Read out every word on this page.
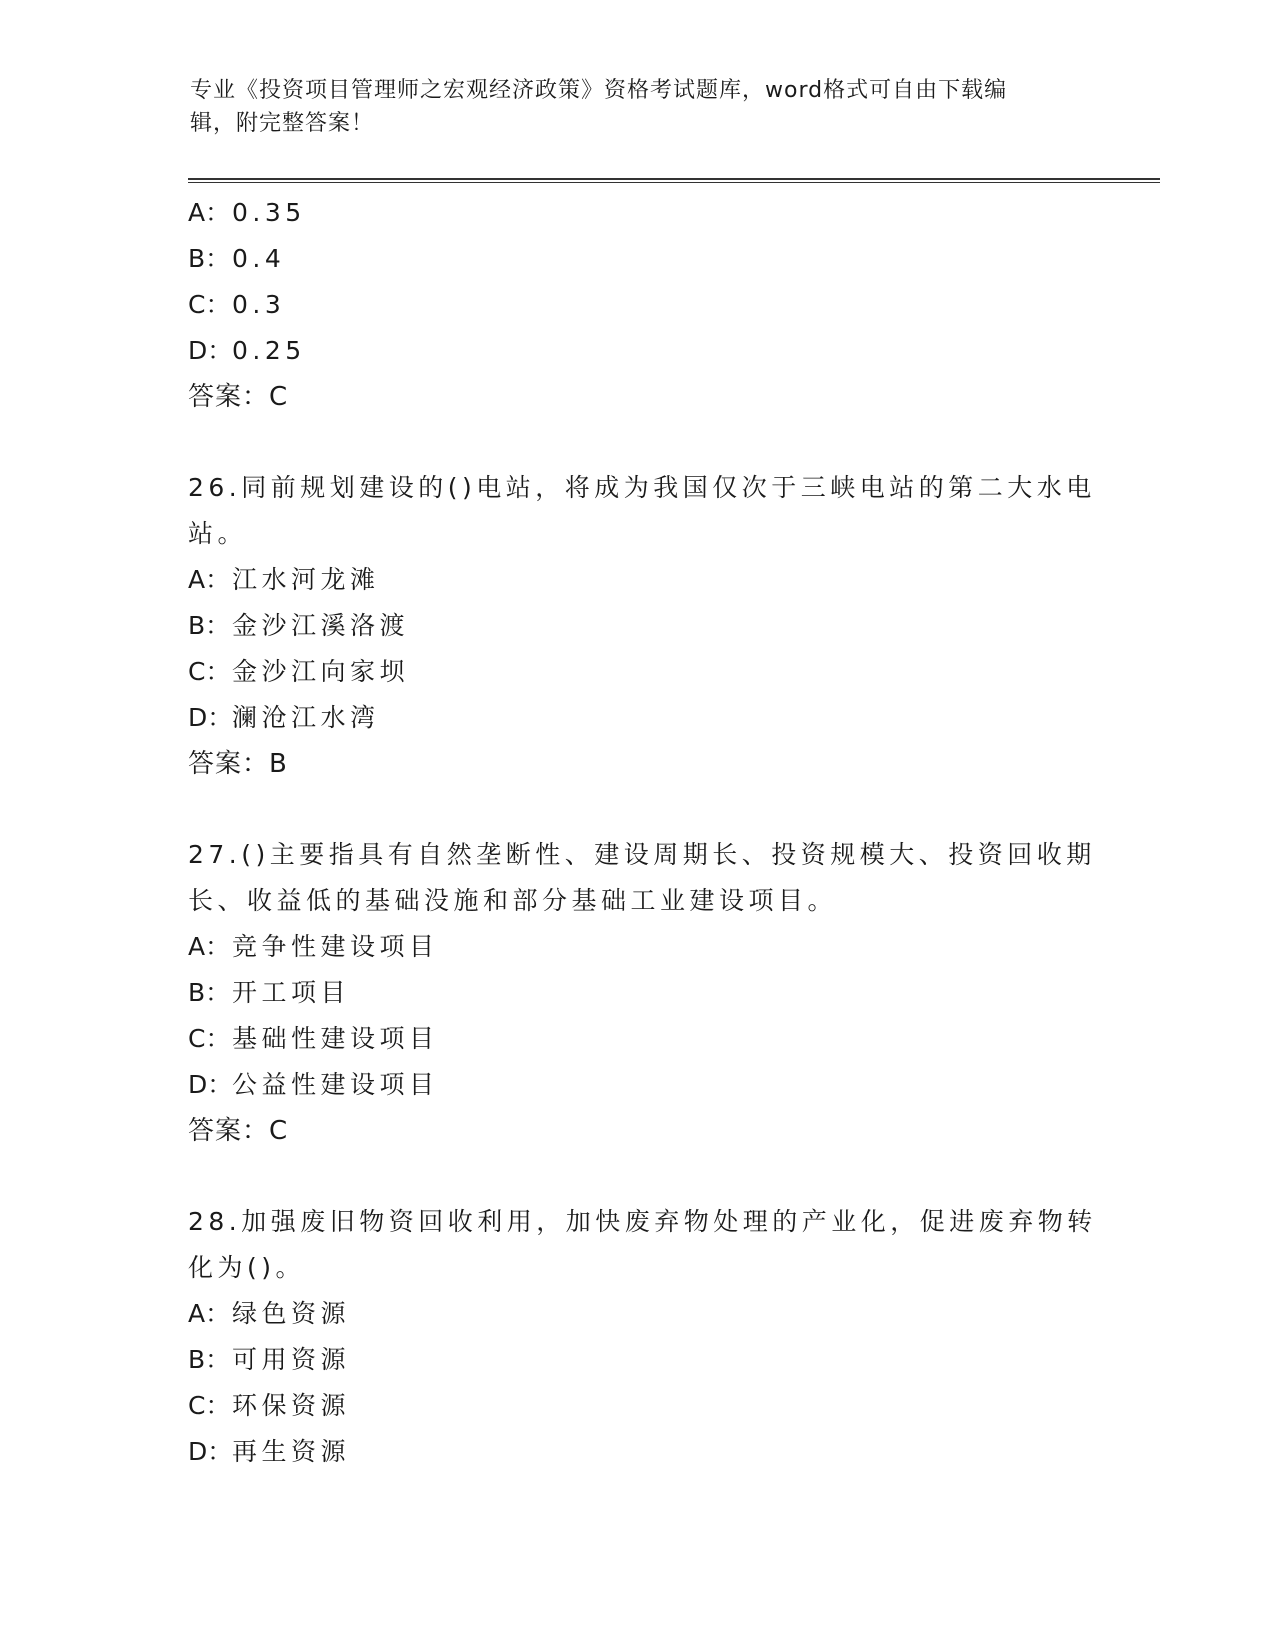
专业《投资项目管理师之宏观经济政策》资格考试题库，word格式可自由下载编
辑，附完整答案！
A：0.35
B：0.4
C：0.3
D：0.25
答案：C
26.同前规划建设的()电站，将成为我国仅次于三峡电站的第二大水电
站。
A：江水河龙滩
B：金沙江溪洛渡
C：金沙江向家坝
D：澜沧江水湾
答案：B
27.()主要指具有自然垄断性、建设周期长、投资规模大、投资回收期
长、收益低的基础没施和部分基础工业建设项目。
A：竞争性建设项目
B：开工项目
C：基础性建设项目
D：公益性建设项目
答案：C
28.加强废旧物资回收利用，加快废弃物处理的产业化，促进废弃物转
化为()。
A：绿色资源
B：可用资源
C：环保资源
D：再生资源
